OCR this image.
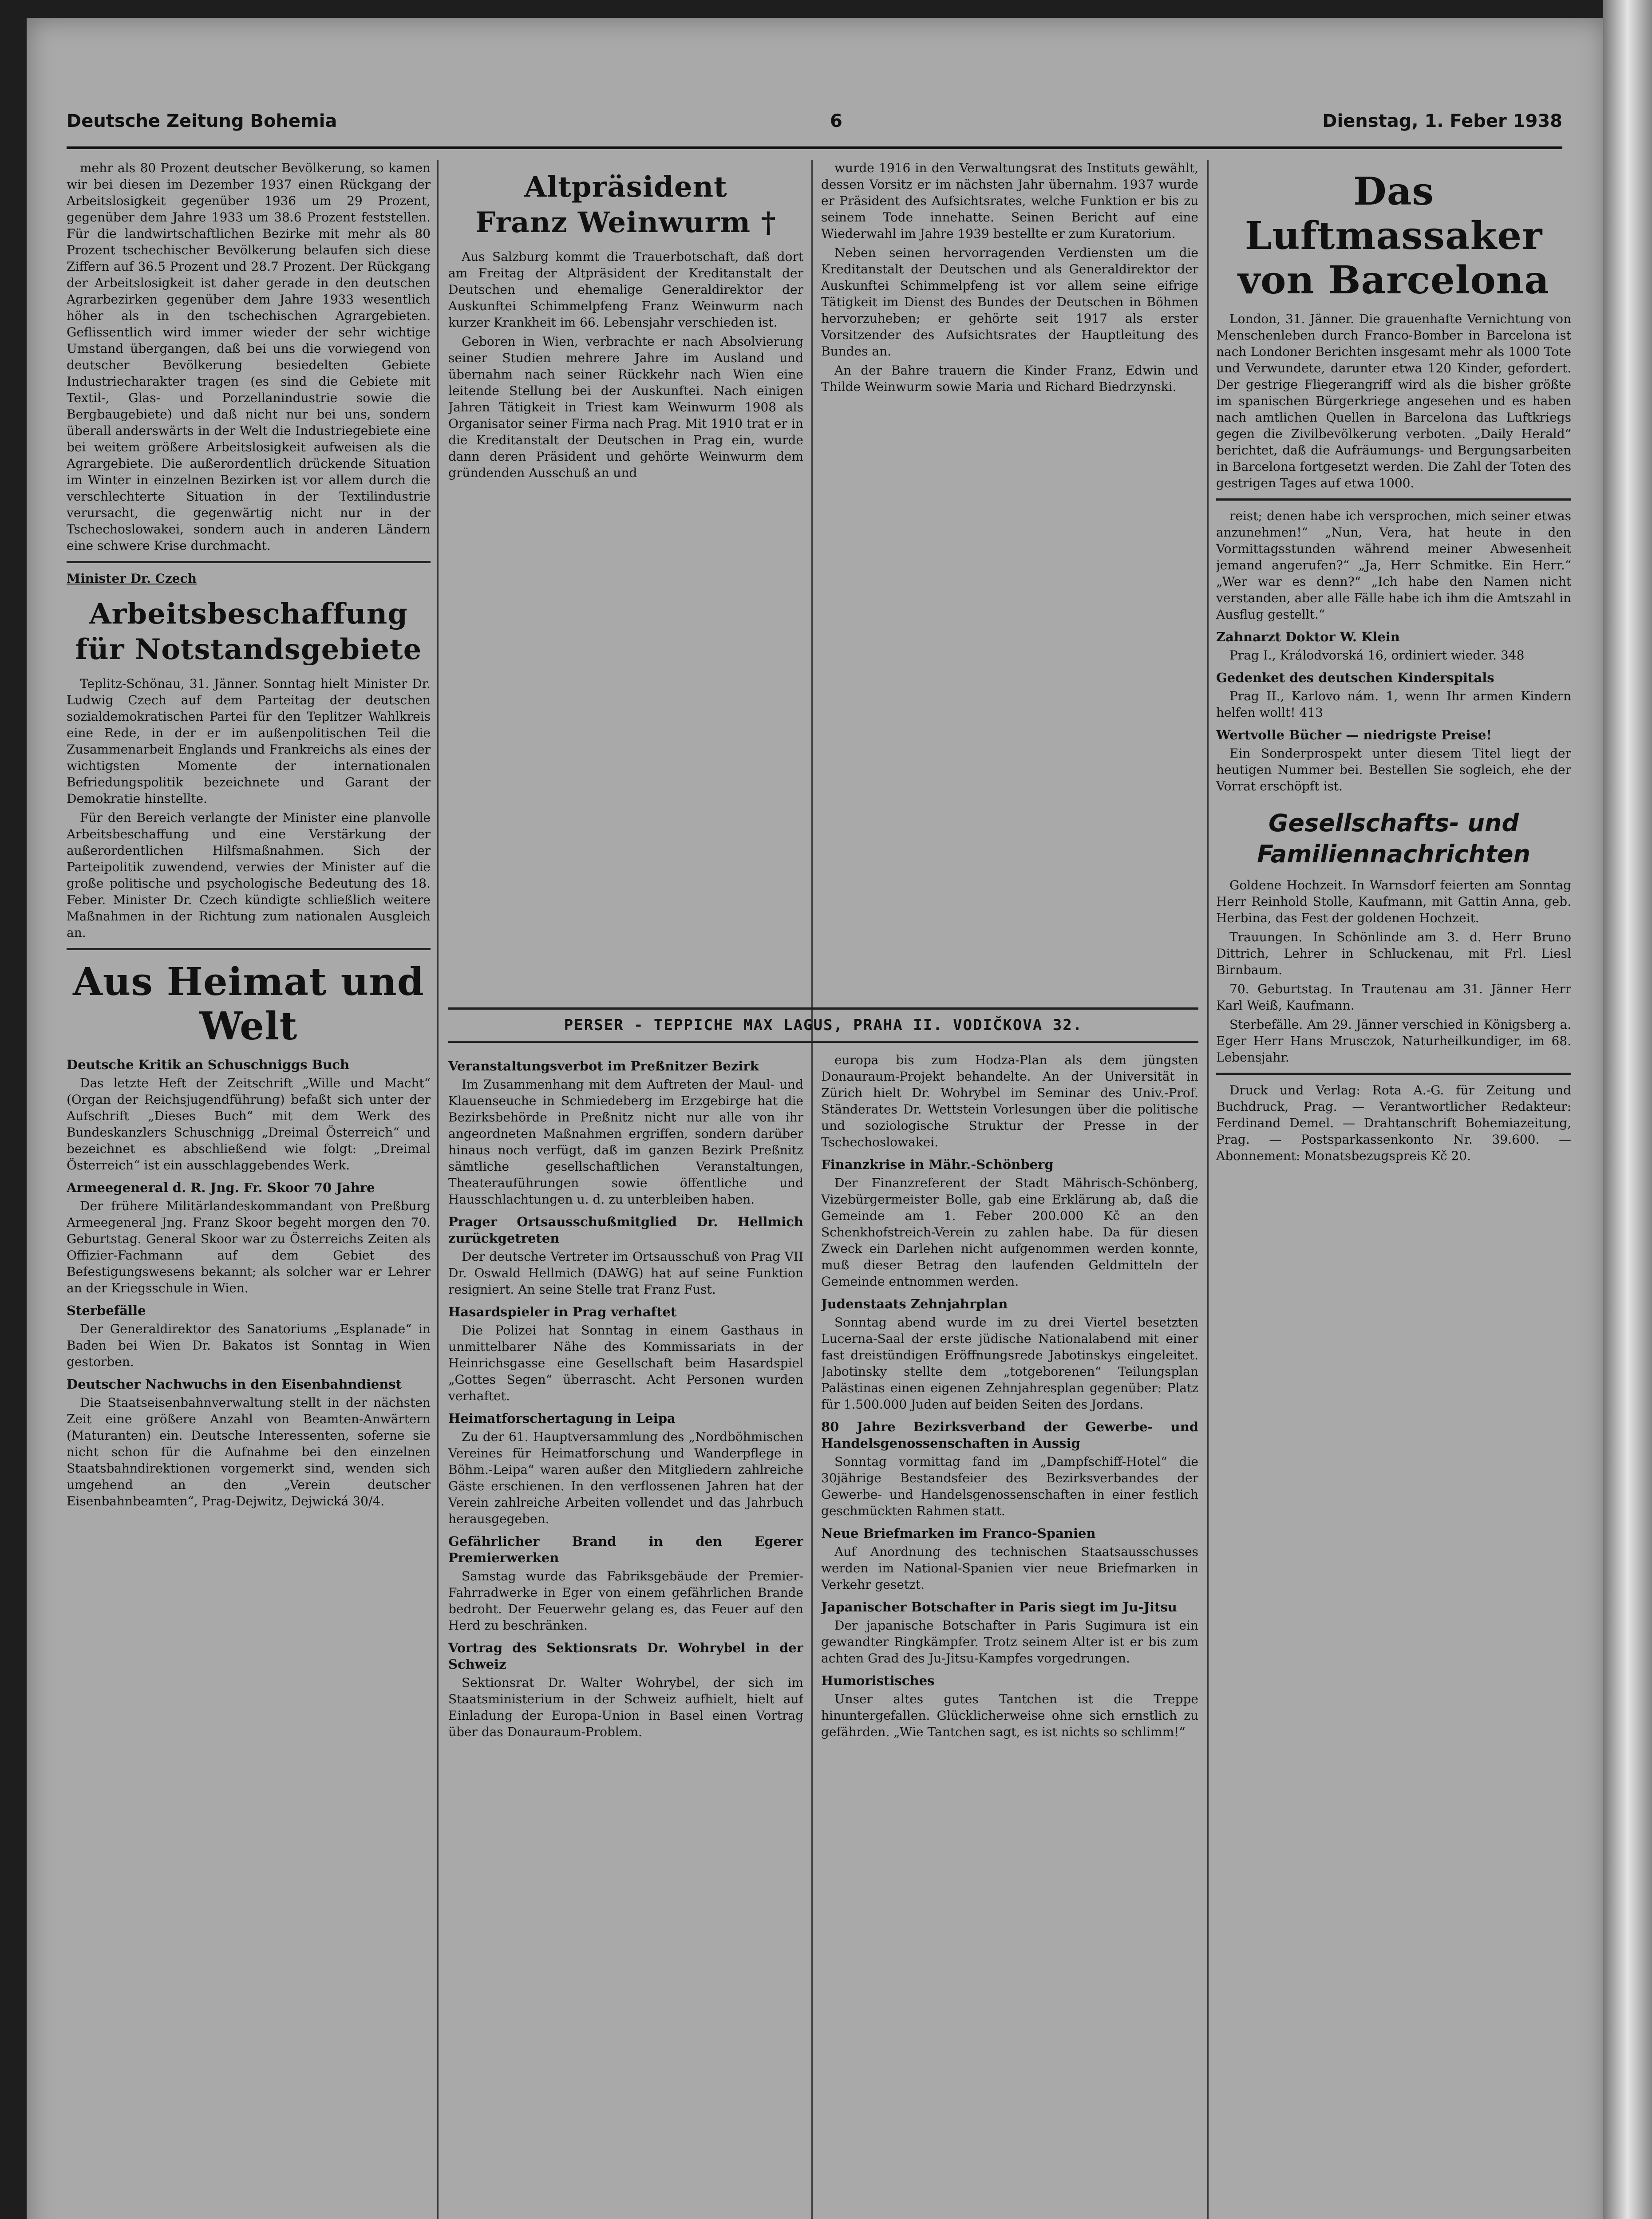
Deutsche Zeitung Bohemia	6	Dienstag, 1. Feber 1938

mehr als 80 Prozent deutscher Bevölkerung, so kamen wir bei diesen im Dezember 1937 einen Rückgang der Arbeitslosigkeit gegenüber 1936 um 29 Prozent, gegenüber dem Jahre 1933 um 38.6 Prozent feststellen. Für die landwirtschaftlichen Bezirke mit mehr als 80 Prozent tschechischer Bevölkerung belaufen sich diese Ziffern auf 36.5 Prozent und 28.7 Prozent. Der Rückgang der Arbeitslosigkeit ist daher gerade in den deutschen Agrarbezirken gegenüber dem Jahre 1933 wesentlich höher als in den tschechischen Agrargebieten. Geflissentlich wird immer wieder der sehr wichtige Umstand übergangen, daß bei uns die vorwiegend von deutscher Bevölkerung besiedelten Gebiete Industriecharakter tragen (es sind die Gebiete mit Textil-, Glas- und Porzellanindustrie sowie die Bergbaugebiete) und daß nicht nur bei uns, sondern überall anderswärts in der Welt die Industriegebiete eine bei weitem größere Arbeitslosigkeit aufweisen als die Agrargebiete. Die außerordentlich drückende Situation im Winter in einzelnen Bezirken ist vor allem durch die verschlechterte Situation in der Textilindustrie verursacht, die gegenwärtig nicht nur in der Tschechoslowakei, sondern auch in anderen Ländern eine schwere Krise durchmacht.

Minister Dr. Czech

Arbeitsbeschaffung
für Notstandsgebiete

Teplitz-Schönau, 31. Jänner. Sonntag hielt Minister Dr. Ludwig Czech auf dem Parteitag der deutschen sozialdemokratischen Partei für den Teplitzer Wahlkreis eine Rede, in der er im außenpolitischen Teil die Zusammenarbeit Englands und Frankreichs als eines der wichtigsten Momente der internationalen Befriedungspolitik bezeichnete und Garant der Demokratie hinstellte.

Für den Bereich verlangte der Minister eine planvolle Arbeitsbeschaffung und eine Verstärkung der außerordentlichen Hilfsmaßnahmen. Sich der Parteipolitik zuwendend, verwies der Minister auf die große politische und psychologische Bedeutung des 18. Feber. Minister Dr. Czech kündigte schließlich weitere Maßnahmen in der Richtung zum nationalen Ausgleich an.

Aus Heimat und Welt
Deutsche Kritik an Schuschniggs Buch

Das letzte Heft der Zeitschrift „Wille und Macht“ (Organ der Reichsjugendführung) befaßt sich unter der Aufschrift „Dieses Buch“ mit dem Werk des Bundeskanzlers Schuschnigg „Dreimal Österreich“ und bezeichnet es abschließend wie folgt: „Dreimal Österreich“ ist ein ausschlaggebendes Werk.

Armeegeneral d. R. Jng. Fr. Skoor 70 Jahre

Der frühere Militärlandeskommandant von Preßburg Armeegeneral Jng. Franz Skoor begeht morgen den 70. Geburtstag. General Skoor war zu Österreichs Zeiten als Offizier-Fachmann auf dem Gebiet des Befestigungswesens bekannt; als solcher war er Lehrer an der Kriegsschule in Wien.

Sterbefälle

Der Generaldirektor des Sanatoriums „Esplanade“ in Baden bei Wien Dr. Bakatos ist Sonntag in Wien gestorben.

Deutscher Nachwuchs in den Eisenbahndienst

Die Staatseisenbahnverwaltung stellt in der nächsten Zeit eine größere Anzahl von Beamten-Anwärtern (Maturanten) ein. Deutsche Interessenten, soferne sie nicht schon für die Aufnahme bei den einzelnen Staatsbahndirektionen vorgemerkt sind, wenden sich umgehend an den „Verein deutscher Eisenbahnbeamten“, Prag-Dejwitz, Dejwická 30/4.

Altpräsident
Franz Weinwurm †

Aus Salzburg kommt die Trauerbotschaft, daß dort am Freitag der Altpräsident der Kreditanstalt der Deutschen und ehemalige Generaldirektor der Auskunftei Schimmelpfeng Franz Weinwurm nach kurzer Krankheit im 66. Lebensjahr verschieden ist.

Geboren in Wien, verbrachte er nach Absolvierung seiner Studien mehrere Jahre im Ausland und übernahm nach seiner Rückkehr nach Wien eine leitende Stellung bei der Auskunftei. Nach einigen Jahren Tätigkeit in Triest kam Weinwurm 1908 als Organisator seiner Firma nach Prag. Mit 1910 trat er in die Kreditanstalt der Deutschen in Prag ein, wurde dann deren Präsident und gehörte Weinwurm dem gründenden Ausschuß an und

wurde 1916 in den Verwaltungsrat des Instituts gewählt, dessen Vorsitz er im nächsten Jahr übernahm. 1937 wurde er Präsident des Aufsichtsrates, welche Funktion er bis zu seinem Tode innehatte. Seinen Bericht auf eine Wiederwahl im Jahre 1939 bestellte er zum Kuratorium.

Neben seinen hervorragenden Verdiensten um die Kreditanstalt der Deutschen und als Generaldirektor der Auskunftei Schimmelpfeng ist vor allem seine eifrige Tätigkeit im Dienst des Bundes der Deutschen in Böhmen hervorzuheben; er gehörte seit 1917 als erster Vorsitzender des Aufsichtsrates der Hauptleitung des Bundes an.

An der Bahre trauern die Kinder Franz, Edwin und Thilde Weinwurm sowie Maria und Richard Biedrzynski.

PERSER - TEPPICHE MAX LAGUS, PRAHA II. VODIČKOVA 32.
Veranstaltungsverbot im Preßnitzer Bezirk

Im Zusammenhang mit dem Auftreten der Maul- und Klauenseuche in Schmiedeberg im Erzgebirge hat die Bezirksbehörde in Preßnitz nicht nur alle von ihr angeordneten Maßnahmen ergriffen, sondern darüber hinaus noch verfügt, daß im ganzen Bezirk Preßnitz sämtliche gesellschaftlichen Veranstaltungen, Theaterauführungen sowie öffentliche und Hausschlachtungen u. d. zu unterbleiben haben.

Prager Ortsausschußmitglied Dr. Hellmich zurückgetreten

Der deutsche Vertreter im Ortsausschuß von Prag VII Dr. Oswald Hellmich (DAWG) hat auf seine Funktion resigniert. An seine Stelle trat Franz Fust.

Hasardspieler in Prag verhaftet

Die Polizei hat Sonntag in einem Gasthaus in unmittelbarer Nähe des Kommissariats in der Heinrichsgasse eine Gesellschaft beim Hasardspiel „Gottes Segen“ überrascht. Acht Personen wurden verhaftet.

Heimatforschertagung in Leipa

Zu der 61. Hauptversammlung des „Nordböhmischen Vereines für Heimatforschung und Wanderpflege in Böhm.-Leipa“ waren außer den Mitgliedern zahlreiche Gäste erschienen. In den verflossenen Jahren hat der Verein zahlreiche Arbeiten vollendet und das Jahrbuch herausgegeben.

Gefährlicher Brand in den Egerer Premierwerken

Samstag wurde das Fabriksgebäude der Premier-Fahrradwerke in Eger von einem gefährlichen Brande bedroht. Der Feuerwehr gelang es, das Feuer auf den Herd zu beschränken.

Vortrag des Sektionsrats Dr. Wohrybel in der Schweiz

Sektionsrat Dr. Walter Wohrybel, der sich im Staatsministerium in der Schweiz aufhielt, hielt auf Einladung der Europa-Union in Basel einen Vortrag über das Donauraum-Problem.

europa bis zum Hodza-Plan als dem jüngsten Donauraum-Projekt behandelte. An der Universität in Zürich hielt Dr. Wohrybel im Seminar des Univ.-Prof. Ständerates Dr. Wettstein Vorlesungen über die politische und soziologische Struktur der Presse in der Tschechoslowakei.

Finanzkrise in Mähr.-Schönberg

Der Finanzreferent der Stadt Mährisch-Schönberg, Vizebürgermeister Bolle, gab eine Erklärung ab, daß die Gemeinde am 1. Feber 200.000 Kč an den Schenkhofstreich-Verein zu zahlen habe. Da für diesen Zweck ein Darlehen nicht aufgenommen werden konnte, muß dieser Betrag den laufenden Geldmitteln der Gemeinde entnommen werden.

Judenstaats Zehnjahrplan

Sonntag abend wurde im zu drei Viertel besetzten Lucerna-Saal der erste jüdische Nationalabend mit einer fast dreistündigen Eröffnungsrede Jabotinskys eingeleitet. Jabotinsky stellte dem „totgeborenen“ Teilungsplan Palästinas einen eigenen Zehnjahresplan gegenüber: Platz für 1.500.000 Juden auf beiden Seiten des Jordans.

80 Jahre Bezirksverband der Gewerbe- und Handelsgenossenschaften in Aussig

Sonntag vormittag fand im „Dampfschiff-Hotel“ die 30jährige Bestandsfeier des Bezirksverbandes der Gewerbe- und Handelsgenossenschaften in einer festlich geschmückten Rahmen statt.

Neue Briefmarken im Franco-Spanien

Auf Anordnung des technischen Staatsausschusses werden im National-Spanien vier neue Briefmarken in Verkehr gesetzt.

Japanischer Botschafter in Paris siegt im Ju-Jitsu

Der japanische Botschafter in Paris Sugimura ist ein gewandter Ringkämpfer. Trotz seinem Alter ist er bis zum achten Grad des Ju-Jitsu-Kampfes vorgedrungen.

Humoristisches

Unser altes gutes Tantchen ist die Treppe hinuntergefallen. Glücklicherweise ohne sich ernstlich zu gefährden. „Wie Tantchen sagt, es ist nichts so schlimm!“

Das Luftmassaker
von Barcelona

London, 31. Jänner. Die grauenhafte Vernichtung von Menschenleben durch Franco-Bomber in Barcelona ist nach Londoner Berichten insgesamt mehr als 1000 Tote und Verwundete, darunter etwa 120 Kinder, gefordert. Der gestrige Fliegerangriff wird als die bisher größte im spanischen Bürgerkriege angesehen und es haben nach amtlichen Quellen in Barcelona das Luftkriegs gegen die Zivilbevölkerung verboten. „Daily Herald“ berichtet, daß die Aufräumungs- und Bergungsarbeiten in Barcelona fortgesetzt werden. Die Zahl der Toten des gestrigen Tages auf etwa 1000.

reist; denen habe ich versprochen, mich seiner etwas anzunehmen!“ „Nun, Vera, hat heute in den Vormittagsstunden während meiner Abwesenheit jemand angerufen?“ „Ja, Herr Schmitke. Ein Herr.“ „Wer war es denn?“ „Ich habe den Namen nicht verstanden, aber alle Fälle habe ich ihm die Amtszahl in Ausflug gestellt.“

Zahnarzt Doktor W. Klein

Prag I., Králodvorská 16, ordiniert wieder. 348

Gedenket des deutschen Kinderspitals

Prag II., Karlovo nám. 1, wenn Ihr armen Kindern helfen wollt! 413

Wertvolle Bücher — niedrigste Preise!

Ein Sonderprospekt unter diesem Titel liegt der heutigen Nummer bei. Bestellen Sie sogleich, ehe der Vorrat erschöpft ist.

Gesellschafts- und
Familiennachrichten

Goldene Hochzeit. In Warnsdorf feierten am Sonntag Herr Reinhold Stolle, Kaufmann, mit Gattin Anna, geb. Herbina, das Fest der goldenen Hochzeit.

Trauungen. In Schönlinde am 3. d. Herr Bruno Dittrich, Lehrer in Schluckenau, mit Frl. Liesl Birnbaum.

70. Geburtstag. In Trautenau am 31. Jänner Herr Karl Weiß, Kaufmann.

Sterbefälle. Am 29. Jänner verschied in Königsberg a. Eger Herr Hans Mrusczok, Naturheilkundiger, im 68. Lebensjahr.

Druck und Verlag: Rota A.-G. für Zeitung und Buchdruck, Prag. — Verantwortlicher Redakteur: Ferdinand Demel. — Drahtanschrift Bohemiazeitung, Prag. — Postsparkassenkonto Nr. 39.600. — Abonnement: Monatsbezugspreis Kč 20.
